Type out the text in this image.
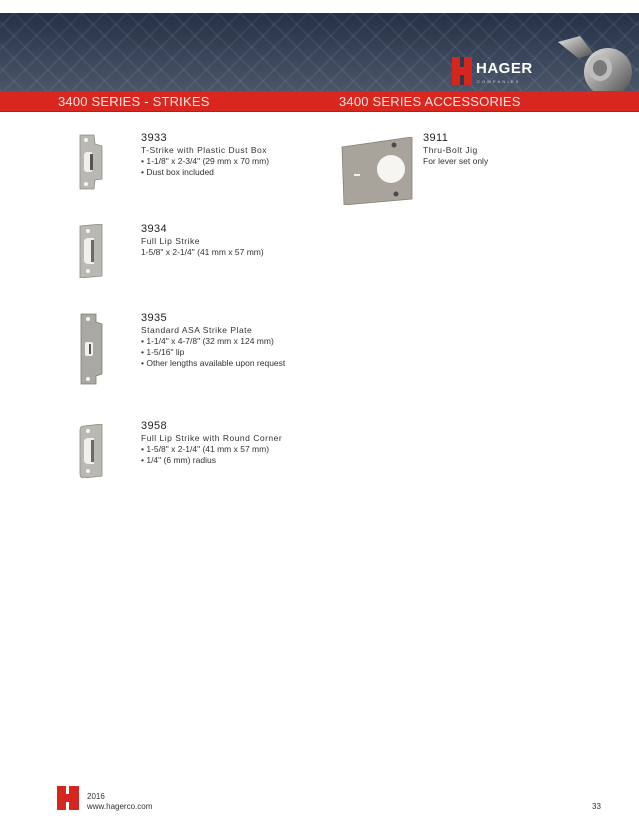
HAGER
COMPANIES
3400 SERIES - STRIKES	3400 SERIES ACCESSORIES
3933
T-Strike with Plastic Dust Box
• 1-1/8" x 2-3/4" (29 mm x 70 mm)
• Dust box included
3934
Full Lip Strike
1-5/8" x 2-1/4" (41 mm x 57 mm)
3935
Standard ASA Strike Plate
• 1-1/4" x 4-7/8" (32 mm x 124 mm)
• 1-5/16" lip
• Other lengths available upon request
3958
Full Lip Strike with Round Corner
• 1-5/8" x 2-1/4" (41 mm x 57 mm)
• 1/4" (6 mm) radius
3911
Thru-Bolt Jig
For lever set only
2016
www.hagerco.com	33
